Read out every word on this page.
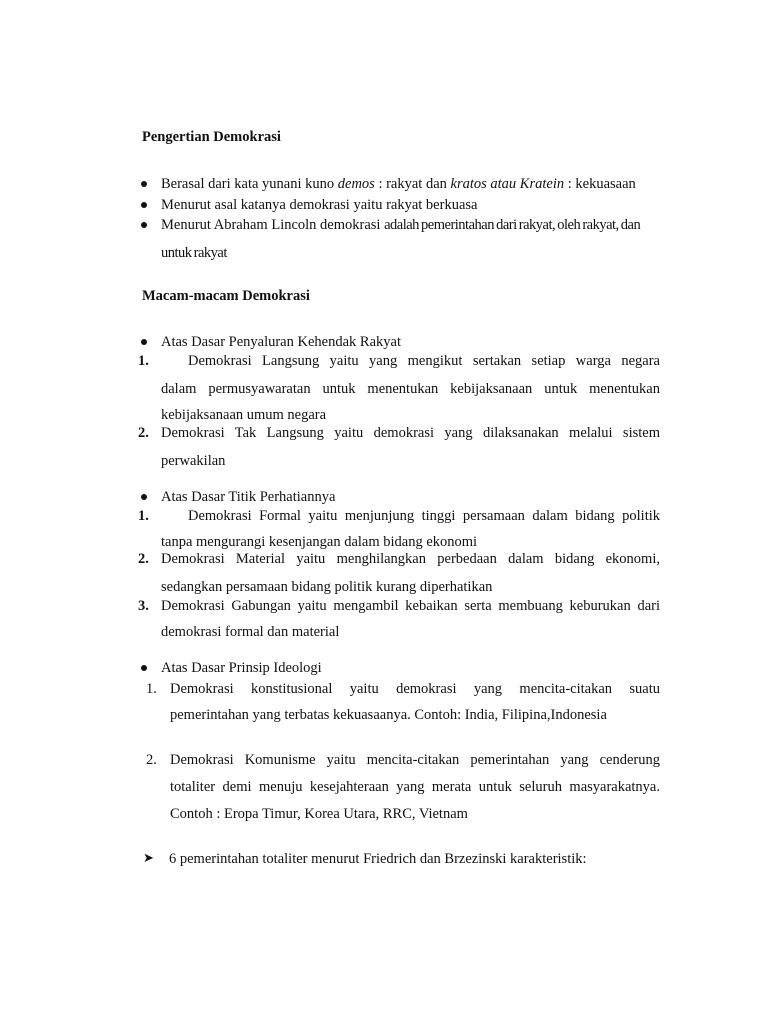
Pengertian Demokrasi
Berasal dari kata yunani kuno demos : rakyat dan kratos atau Kratein : kekuasaan
Menurut asal katanya demokrasi yaitu rakyat berkuasa
Menurut Abraham Lincoln demokrasi adalah pemerintahan dari rakyat, oleh rakyat, dan
untuk rakyat
Macam-macam Demokrasi
Atas Dasar Penyaluran Kehendak Rakyat
1.	Demokrasi Langsung yaitu yang mengikut sertakan setiap warga negara
dalam permusyawaratan untuk menentukan kebijaksanaan untuk menentukan
kebijaksanaan umum negara
2. Demokrasi Tak Langsung yaitu demokrasi yang dilaksanakan melalui sistem
perwakilan
Atas Dasar Titik Perhatiannya
1.	Demokrasi Formal yaitu menjunjung tinggi persamaan dalam bidang politik
tanpa mengurangi kesenjangan dalam bidang ekonomi
2. Demokrasi Material yaitu menghilangkan perbedaan dalam bidang ekonomi,
sedangkan persamaan bidang politik kurang diperhatikan
3. Demokrasi Gabungan yaitu mengambil kebaikan serta membuang keburukan dari
demokrasi formal dan material
Atas Dasar Prinsip Ideologi
1. Demokrasi konstitusional yaitu demokrasi yang mencita-citakan suatu
pemerintahan yang terbatas kekuasaanya. Contoh: India, Filipina,Indonesia
2. Demokrasi Komunisme yaitu mencita-citakan pemerintahan yang cenderung
totaliter demi menuju kesejahteraan yang merata untuk seluruh masyarakatnya.
Contoh : Eropa Timur, Korea Utara, RRC, Vietnam
➤ 6 pemerintahan totaliter menurut Friedrich dan Brzezinski karakteristik:
